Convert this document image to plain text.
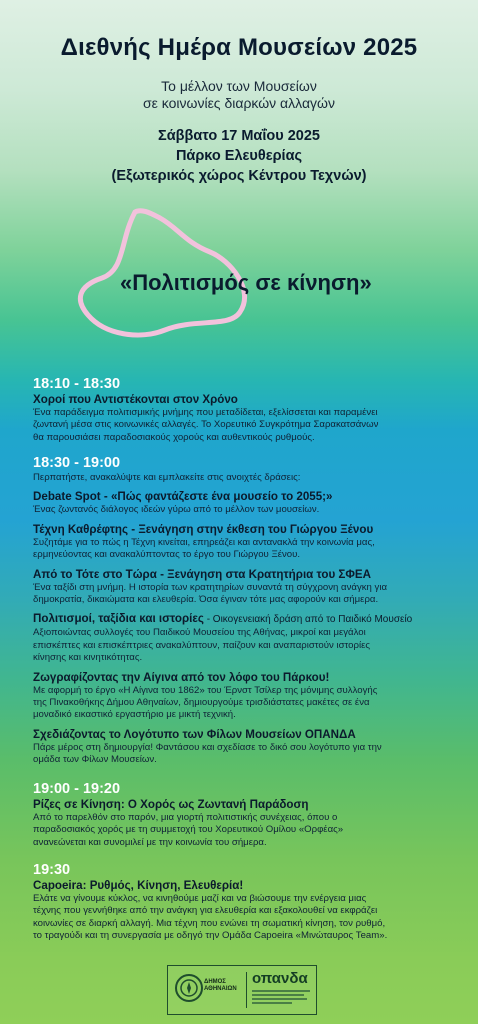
Διεθνής Ημέρα Μουσείων 2025
Το μέλλον των Μουσείων
σε κοινωνίες διαρκών αλλαγών
Σάββατο 17 Μαΐου 2025
Πάρκο Ελευθερίας
(Εξωτερικός χώρος Κέντρου Τεχνών)
«Πολιτισμός σε κίνηση»
18:10 - 18:30
Χοροί που Αντιστέκονται στον Χρόνο
Ένα παράδειγμα πολιτισμικής μνήμης που μεταδίδεται, εξελίσσεται και παραμένει
ζωντανή μέσα στις κοινωνικές αλλαγές. Το Χορευτικό Συγκρότημα Σαρακατσάνων
θα παρουσιάσει παραδοσιακούς χορούς και αυθεντικούς ρυθμούς.
18:30 - 19:00
Περπατήστε, ανακαλύψτε και εμπλακείτε στις ανοιχτές δράσεις:
Debate Spot - «Πώς φαντάζεστε ένα μουσείο το 2055;»
Ένας ζωντανός διάλογος ιδεών γύρω από το μέλλον των μουσείων.
Τέχνη Καθρέφτης - Ξενάγηση στην έκθεση του Γιώργου Ξένου
Συζητάμε για το πώς η Τέχνη κινείται, επηρεάζει και αντανακλά την κοινωνία μας,
ερμηνεύοντας και ανακαλύπτοντας το έργο του Γιώργου Ξένου.
Από το Τότε στο Τώρα - Ξενάγηση στα Κρατητήρια του ΣΦΕΑ
Ένα ταξίδι στη μνήμη. Η ιστορία των κρατητηρίων συναντά τη σύγχρονη ανάγκη για
δημοκρατία, δικαιώματα και ελευθερία. Όσα έγιναν τότε μας αφορούν και σήμερα.
Πολιτισμοί, ταξίδια και ιστορίες - Οικογενειακή δράση από το Παιδικό Μουσείο
Αξιοποιώντας συλλογές του Παιδικού Μουσείου της Αθήνας, μικροί και μεγάλοι
επισκέπτες και επισκέπτριες ανακαλύπτουν, παίζουν και αναπαριστούν ιστορίες
κίνησης και κινητικότητας.
Ζωγραφίζοντας την Αίγινα από τον λόφο του Πάρκου!
Με αφορμή το έργο «Η Αίγινα του 1862» του Έρνστ Τσίλερ της μόνιμης συλλογής
της Πινακοθήκης Δήμου Αθηναίων, δημιουργούμε τρισδιάστατες μακέτες σε ένα
μοναδικό εικαστικό εργαστήριο με μικτή τεχνική.
Σχεδιάζοντας το Λογότυπο των Φίλων Μουσείων ΟΠΑΝΔΑ
Πάρε μέρος στη δημιουργία! Φαντάσου και σχεδίασε το δικό σου λογότυπο για την
ομάδα των Φίλων Μουσείων.
19:00 - 19:20
Ρίζες σε Κίνηση: Ο Χορός ως Ζωντανή Παράδοση
Από το παρελθόν στο παρόν, μια γιορτή πολιτιστικής συνέχειας, όπου ο
παραδοσιακός χορός με τη συμμετοχή του Χορευτικού Ομίλου «Ορφέας»
ανανεώνεται και συνομιλεί με την κοινωνία του σήμερα.
19:30
Capoeira: Ρυθμός, Κίνηση, Ελευθερία!
Ελάτε να γίνουμε κύκλος, να κινηθούμε μαζί και να βιώσουμε την ενέργεια μιας
τέχνης που γεννήθηκε από την ανάγκη για ελευθερία και εξακολουθεί να εκφράζει
κοινωνίες σε διαρκή αλλαγή. Μια τέχνη που ενώνει τη σωματική κίνηση, τον ρυθμό,
το τραγούδι και τη συνεργασία με οδηγό την Ομάδα Capoeira «Μινώταυρος Team».
ΔΗΜΟΣ
ΑΘΗΝΑΙΩΝ
οπανδα
